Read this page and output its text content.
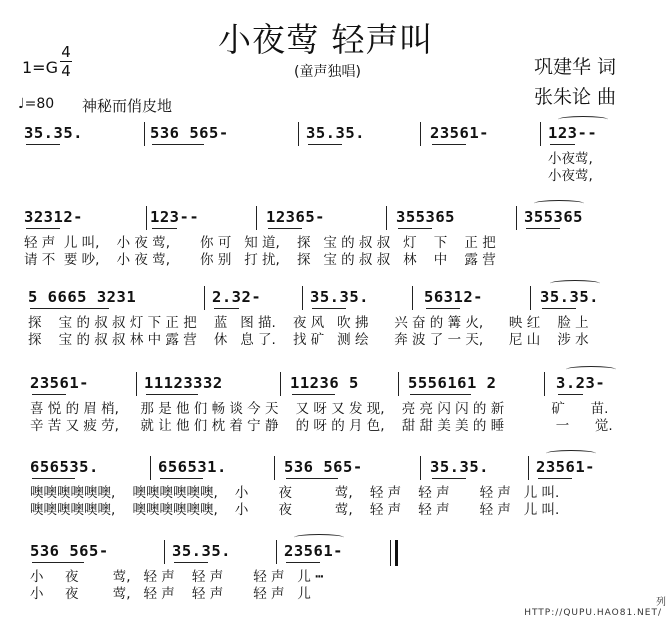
小夜莺 轻声叫
(童声独唱)
1=G
4
4
♩=80 神秘而俏皮地
巩建华 词
张朱论 曲
35.35.	536 565-	35.35.	23561-	123--
小夜莺,
小夜莺,
32312-	123--	12365-	355365	355365
轻 声  儿 叫,    小 夜 莺,       你 可   知 道,    探   宝 的 叔 叔   灯    下    正 把
请 不  要 吵,    小 夜 莺,       你 别   打 扰,    探   宝 的 叔 叔   林    中    露 营
5 6665 3231	2.32-	35.35.	56312-	35.35.
探    宝 的 叔 叔 灯 下 正 把    蓝   图 描.    夜 风   吹 拂      兴 奋 的 篝 火,      映 红    脸 上
探    宝 的 叔 叔 林 中 露 营    休   息 了.    找 矿   测 绘      奔 波 了 一 天,      尼 山    涉 水
23561-	11123332	11236 5	5556161 2	3.23-
喜 悦 的 眉 梢,     那 是 他 们 畅 谈 今 天    又 呀 又 发 现,    亮 亮 闪 闪 的 新           矿      苗.
辛 苦 又 疲 劳,     就 让 他 们 枕 着 宁 静    的 呀 的 月 色,    甜 甜 美 美 的 睡            一      觉.
656535.	656531.	536 565-	35.35.	23561-
噢噢噢噢噢噢,    噢噢噢噢噢噢,    小       夜          莺,    轻 声    轻 声       轻 声   儿 叫.
噢噢噢噢噢噢,    噢噢噢噢噢噢,    小       夜          莺,    轻 声    轻 声       轻 声   儿 叫.
536 565-	35.35.	23561-
小     夜        莺,   轻 声    轻 声       轻 声   儿 ┅
小     夜        莺,   轻 声    轻 声       轻 声   儿
HTTP://QUPU.HAO81.NET/
列
